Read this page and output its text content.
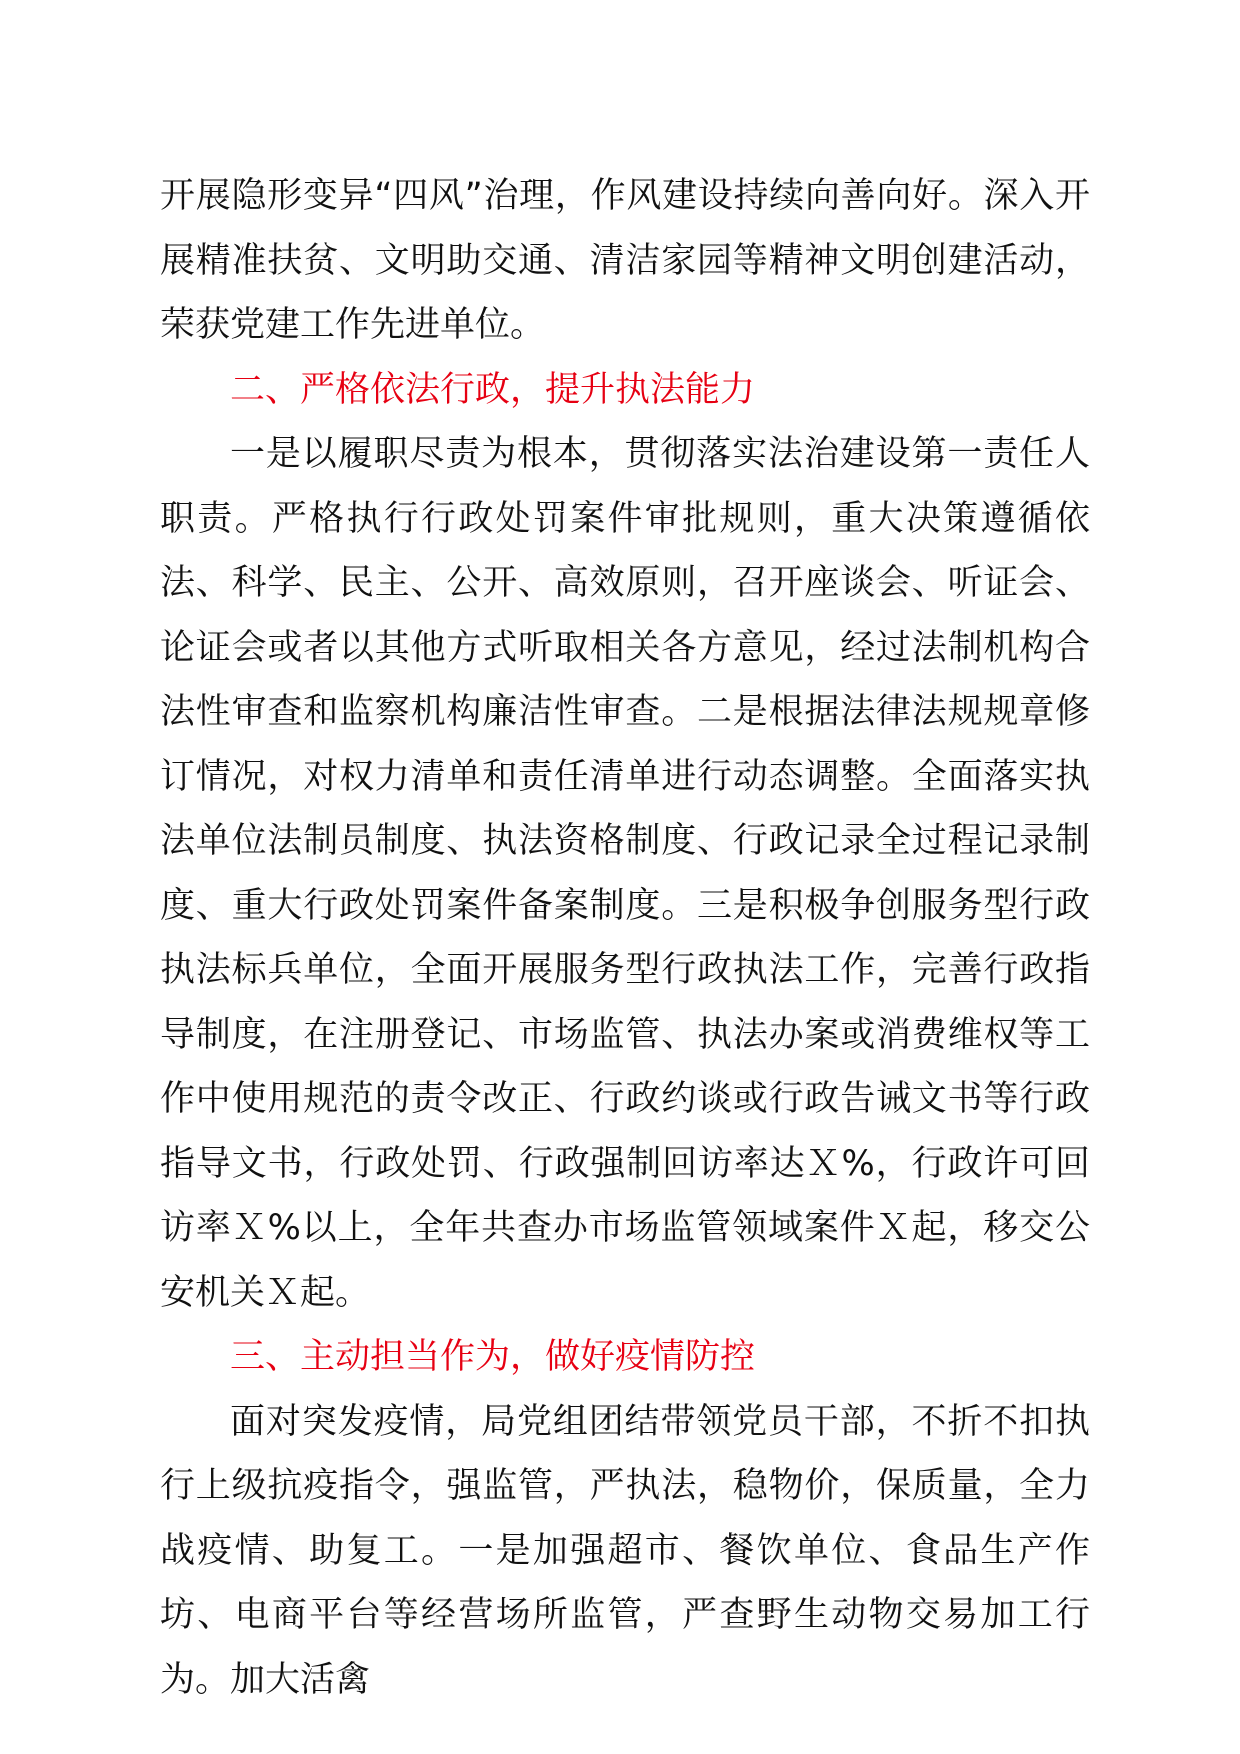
开展隐形变异“四风”治理，作风建设持续向善向好。深入开展精准扶贫、文明助交通、清洁家园等精神文明创建活动，荣获党建工作先进单位。

二、严格依法行政，提升执法能力

一是以履职尽责为根本，贯彻落实法治建设第一责任人职责。严格执行行政处罚案件审批规则，重大决策遵循依法、科学、民主、公开、高效原则，召开座谈会、听证会、论证会或者以其他方式听取相关各方意见，经过法制机构合法性审查和监察机构廉洁性审查。二是根据法律法规规章修订情况，对权力清单和责任清单进行动态调整。全面落实执法单位法制员制度、执法资格制度、行政记录全过程记录制度、重大行政处罚案件备案制度。三是积极争创服务型行政执法标兵单位，全面开展服务型行政执法工作，完善行政指导制度，在注册登记、市场监管、执法办案或消费维权等工作中使用规范的责令改正、行政约谈或行政告诫文书等行政指导文书，行政处罚、行政强制回访率达Ｘ%，行政许可回访率Ｘ%以上，全年共查办市场监管领域案件Ｘ起，移交公安机关Ｘ起。

三、主动担当作为，做好疫情防控

面对突发疫情，局党组团结带领党员干部，不折不扣执行上级抗疫指令，强监管，严执法，稳物价，保质量，全力战疫情、助复工。一是加强超市、餐饮单位、食品生产作坊、电商平台等经营场所监管，严查野生动物交易加工行为。加大活禽
